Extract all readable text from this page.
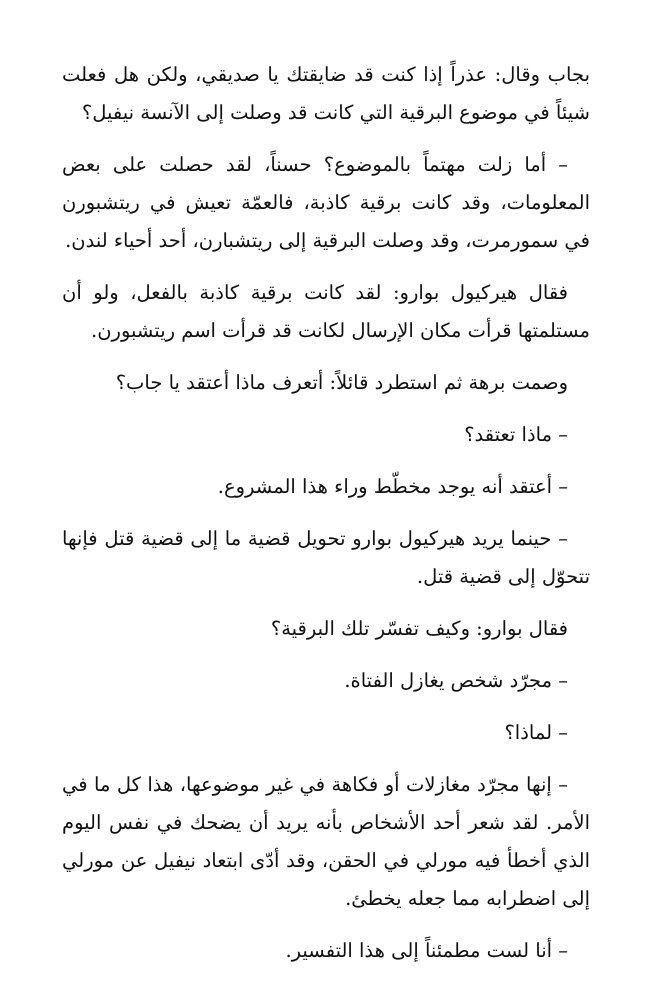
بجاب وقال: عذراً إذا كنت قد ضايقتك يا صديقي، ولكن هل فعلت شيئاً في موضوع البرقية التي كانت قد وصلت إلى الآنسة نيفيل؟

– أما زلت مهتماً بالموضوع؟ حسناً، لقد حصلت على بعض المعلومات، وقد كانت برقية كاذبة، فالعمّة تعيش في ريتشبورن في سمورمرت، وقد وصلت البرقية إلى ريتشبارن، أحد أحياء لندن.

فقال هيركيول بوارو: لقد كانت برقية كاذبة بالفعل، ولو أن مستلمتها قرأت مكان الإرسال لكانت قد قرأت اسم ريتشبورن.

وصمت برهة ثم استطرد قائلاً: أتعرف ماذا أعتقد يا جاب؟

– ماذا تعتقد؟

– أعتقد أنه يوجد مخطّط وراء هذا المشروع.

– حينما يريد هيركيول بوارو تحويل قضية ما إلى قضية قتل فإنها تتحوّل إلى قضية قتل.

فقال بوارو: وكيف تفسّر تلك البرقية؟

– مجرّد شخص يغازل الفتاة.

– لماذا؟

– إنها مجرّد مغازلات أو فكاهة في غير موضوعها، هذا كل ما في الأمر. لقد شعر أحد الأشخاص بأنه يريد أن يضحك في نفس اليوم الذي أخطأ فيه مورلي في الحقن، وقد أدّى ابتعاد نيفيل عن مورلي إلى اضطرابه مما جعله يخطئ.

– أنا لست مطمئناً إلى هذا التفسير.
